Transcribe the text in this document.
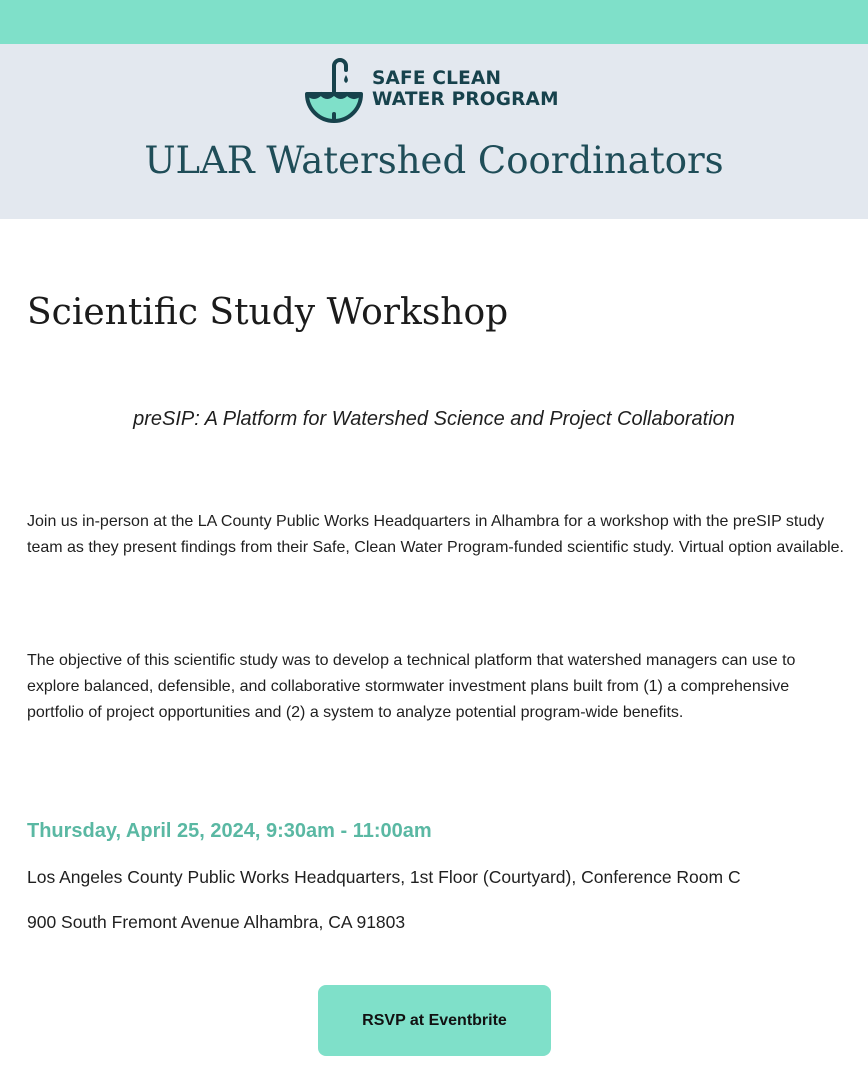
SAFE CLEAN
WATER PROGRAM
ULAR Watershed Coordinators
Scientific Study Workshop
preSIP: A Platform for Watershed Science and Project Collaboration
Join us in-person at the LA County Public Works Headquarters in Alhambra for a workshop with the preSIP study team as they present findings from their Safe, Clean Water Program-funded scientific study. Virtual option available.
The objective of this scientific study was to develop a technical platform that watershed managers can use to explore balanced, defensible, and collaborative stormwater investment plans built from (1) a comprehensive portfolio of project opportunities and (2) a system to analyze potential program-wide benefits.
Thursday, April 25, 2024, 9:30am - 11:00am
Los Angeles County Public Works Headquarters, 1st Floor (Courtyard), Conference Room C
900 South Fremont Avenue Alhambra, CA 91803
RSVP at Eventbrite
